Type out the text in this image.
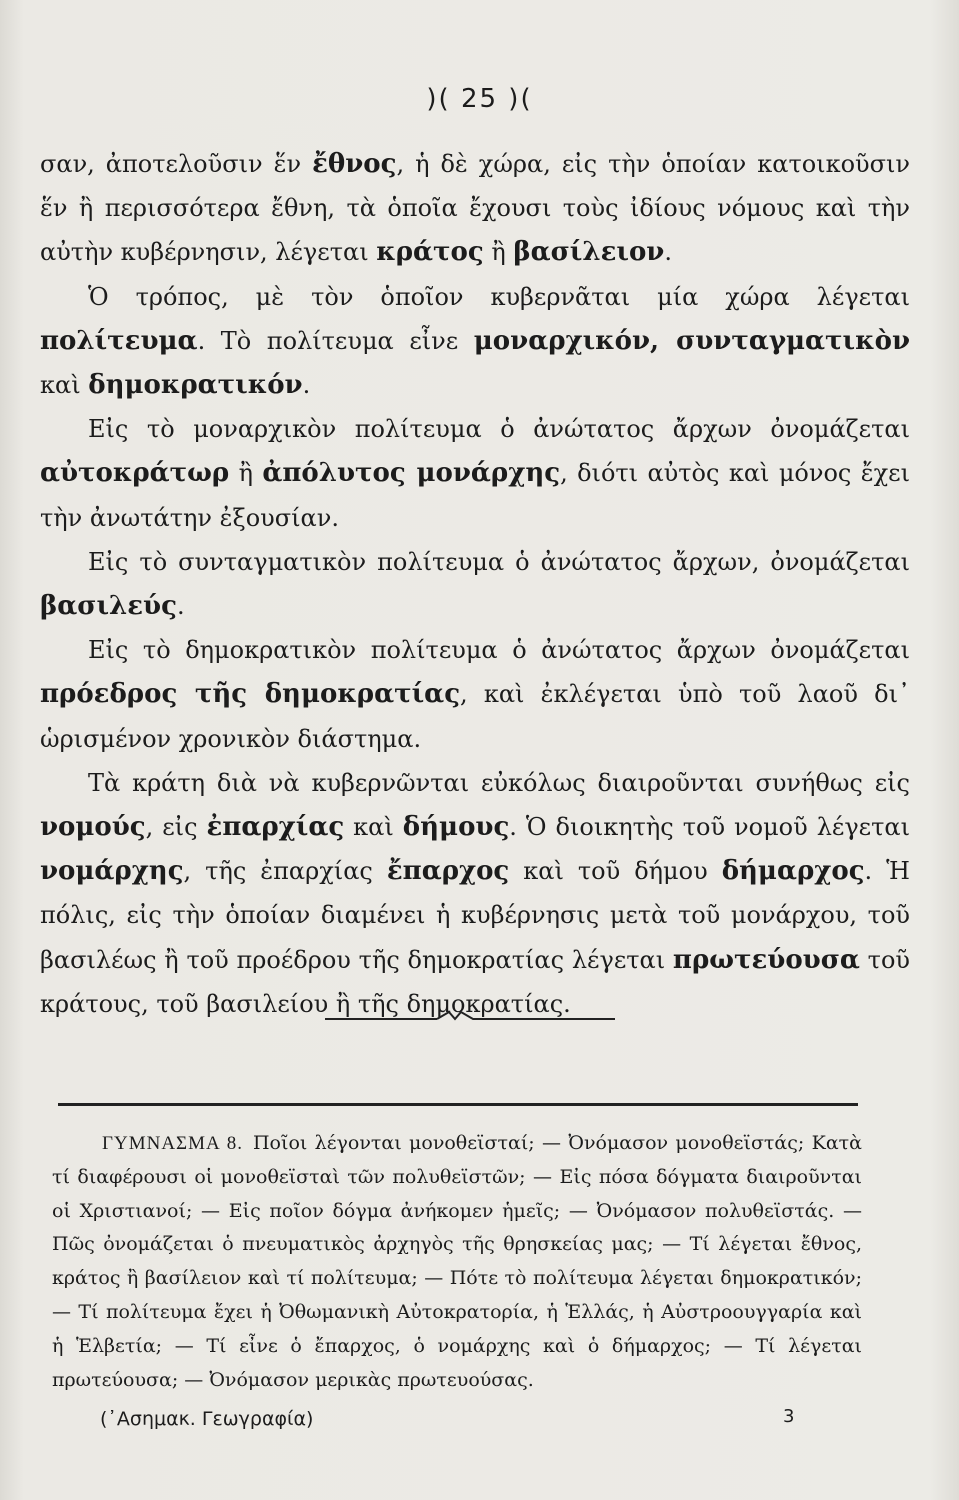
)( 25 )(

σαν, ἀποτελοῦσιν ἕν ἔθνος, ἡ δὲ χώρα, εἰς τὴν ὁποίαν κατοικοῦσιν ἕν ἢ περισσότερα ἔθνη, τὰ ὁποῖα ἔχουσι τοὺς ἰδίους νόμους καὶ τὴν αὐτὴν κυβέρνησιν, λέγεται κράτος ἢ βασίλειον.

Ὁ τρόπος, μὲ τὸν ὁποῖον κυβερνᾶται μία χώρα λέγεται πολίτευμα. Τὸ πολίτευμα εἶνε μοναρχικόν, συνταγματικὸν καὶ δημοκρατικόν.

Εἰς τὸ μοναρχικὸν πολίτευμα ὁ ἀνώτατος ἄρχων ὀνομάζεται αὐτοκράτωρ ἢ ἀπόλυτος μονάρχης, διότι αὐτὸς καὶ μόνος ἔχει τὴν ἀνωτάτην ἐξουσίαν.

Εἰς τὸ συνταγματικὸν πολίτευμα ὁ ἀνώτατος ἄρχων, ὀνομάζεται βασιλεύς.

Εἰς τὸ δημοκρατικὸν πολίτευμα ὁ ἀνώτατος ἄρχων ὀνομάζεται πρόεδρος τῆς δημοκρατίας, καὶ ἐκλέγεται ὑπὸ τοῦ λαοῦ δι᾽ ὡρισμένον χρονικὸν διάστημα.

Τὰ κράτη διὰ νὰ κυβερνῶνται εὐκόλως διαιροῦνται συνήθως εἰς νομούς, εἰς ἐπαρχίας καὶ δήμους. Ὁ διοικητὴς τοῦ νομοῦ λέγεται νομάρχης, τῆς ἐπαρχίας ἔπαρχος καὶ τοῦ δήμου δήμαρχος. Ἡ πόλις, εἰς τὴν ὁποίαν διαμένει ἡ κυβέρνησις μετὰ τοῦ μονάρχου, τοῦ βασιλέως ἢ τοῦ προέδρου τῆς δημοκρατίας λέγεται πρωτεύουσα τοῦ κράτους, τοῦ βασιλείου ἢ τῆς δημοκρατίας.

ΓΥΜΝΑΣΜΑ 8. Ποῖοι λέγονται μονοθεϊσταί; — Ὀνόμασον μονοθεϊστάς; Κατὰ τί διαφέρουσι οἱ μονοθεϊσταὶ τῶν πολυθεϊστῶν; — Εἰς πόσα δόγματα διαιροῦνται οἱ Χριστιανοί; — Εἰς ποῖον δόγμα ἀνήκομεν ἡμεῖς; — Ὀνόμασον πολυθεϊστάς. — Πῶς ὀνομάζεται ὁ πνευματικὸς ἀρχηγὸς τῆς θρησκείας μας; — Τί λέγεται ἔθνος, κράτος ἢ βασίλειον καὶ τί πολίτευμα; — Πότε τὸ πολίτευμα λέγεται δημοκρατικόν; — Τί πολίτευμα ἔχει ἡ Ὀθωμανικὴ Αὐτοκρατορία, ἡ Ἑλλάς, ἡ Αὐστροουγγαρία καὶ ἡ Ἑλβετία; — Τί εἶνε ὁ ἔπαρχος, ὁ νομάρχης καὶ ὁ δήμαρχος; — Τί λέγεται πρωτεύουσα; — Ὀνόμασον μερικὰς πρωτευούσας.
(᾿Ασημακ. Γεωγραφία)	3
